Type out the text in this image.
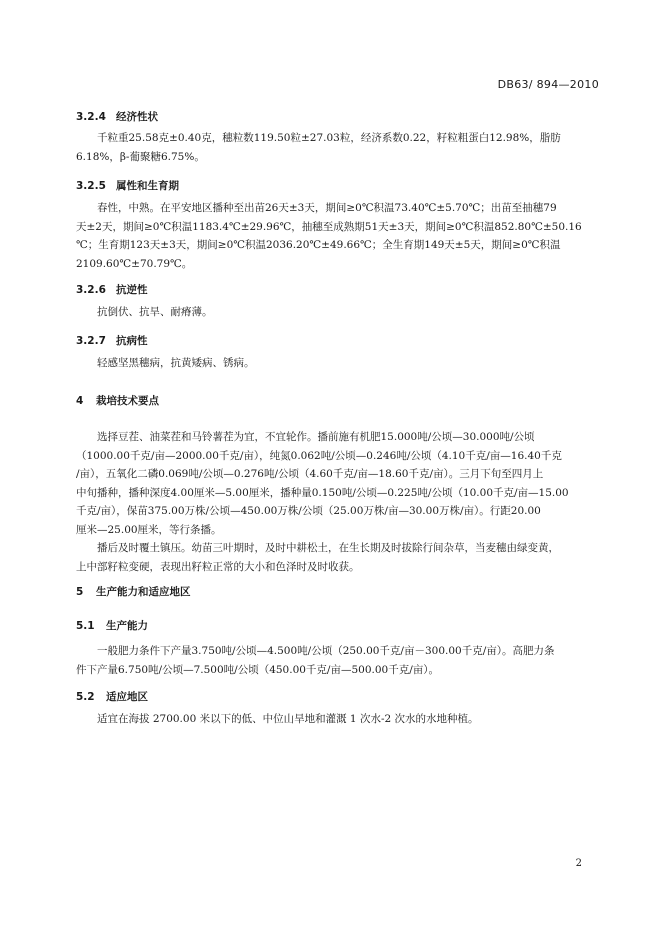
DB63/ 894—2010
3.2.4 经济性状
千粒重25.58克±0.40克，穗粒数119.50粒±27.03粒，经济系数0.22，籽粒粗蛋白12.98%，脂肪
6.18%，β-葡聚糖6.75%。
3.2.5 属性和生育期
春性，中熟。在平安地区播种至出苗26天±3天，期间≥0℃积温73.40℃±5.70℃；出苗至抽穗79
天±2天，期间≥0℃积温1183.4℃±29.96℃，抽穗至成熟期51天±3天，期间≥0℃积温852.80℃±50.16
℃；生育期123天±3天，期间≥0℃积温2036.20℃±49.66℃；全生育期149天±5天，期间≥0℃积温
2109.60℃±70.79℃。
3.2.6 抗逆性
抗倒伏、抗旱、耐瘠薄。
3.2.7 抗病性
轻感坚黑穗病，抗黄矮病、锈病。
4 栽培技术要点
选择豆茬、油菜茬和马铃薯茬为宜，不宜轮作。播前施有机肥15.000吨/公顷—30.000吨/公顷
（1000.00千克/亩—2000.00千克/亩），纯氮0.062吨/公顷—0.246吨/公顷（4.10千克/亩—16.40千克
/亩），五氧化二磷0.069吨/公顷—0.276吨/公顷（4.60千克/亩—18.60千克/亩）。三月下旬至四月上
中旬播种，播种深度4.00厘米—5.00厘米，播种量0.150吨/公顷—0.225吨/公顷（10.00千克/亩—15.00
千克/亩），保苗375.00万株/公顷—450.00万株/公顷（25.00万株/亩—30.00万株/亩）。行距20.00
厘米—25.00厘米，等行条播。
播后及时覆土镇压。幼苗三叶期时，及时中耕松土，在生长期及时拔除行间杂草，当麦穗由绿变黄，
上中部籽粒变硬，表现出籽粒正常的大小和色泽时及时收获。
5 生产能力和适应地区
5.1 生产能力
一般肥力条件下产量3.750吨/公顷—4.500吨/公顷（250.00千克/亩－300.00千克/亩）。高肥力条
件下产量6.750吨/公顷—7.500吨/公顷（450.00千克/亩—500.00千克/亩）。
5.2 适应地区
适宜在海拔 2700.00 米以下的低、中位山旱地和灌溉 1 次水-2 次水的水地种植。
2
